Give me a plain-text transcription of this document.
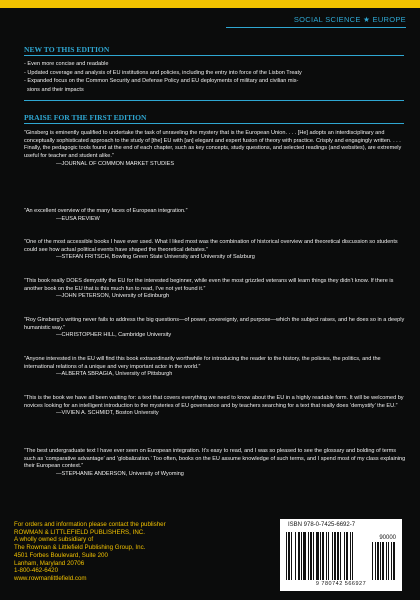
SOCIAL SCIENCE ★ EUROPE
NEW TO THIS EDITION
- Even more concise and readable
- Updated coverage and analysis of EU institutions and policies, including the entry into force of the Lisbon Treaty
- Expanded focus on the Common Security and Defense Policy and EU deployments of military and civilian mis-
sions and their impacts
PRAISE FOR THE FIRST EDITION
“Ginsberg is eminently qualified to undertake the task of unraveling the mystery that is the European Union. . . . [He] adopts an interdisciplinary and conceptually sophisticated approach to the study of [the] EU with [an] elegant and expert fusion of theory with practice. Crisply and engagingly written. . . . Finally, the pedagogic tools found at the end of each chapter, such as key concepts, study questions, and selected readings (and websites), are extremely useful for teacher and student alike.”
—JOURNAL OF COMMON MARKET STUDIES
“An excellent overview of the many faces of European integration.”
—EUSA REVIEW
“One of the most accessible books I have ever used. What I liked most was the combination of historical overview and theoretical discussion so students could see how actual political events have shaped the theoretical debates.”
—STEFAN FRITSCH, Bowling Green State University and University of Salzburg
“This book really DOES demystify the EU for the interested beginner, while even the most grizzled veterans will learn things they didn’t know. If there is another book on the EU that is this much fun to read, I’ve not yet found it.”
—JOHN PETERSON, University of Edinburgh
“Roy Ginsberg’s writing never fails to address the big questions—of power, sovereignty, and purpose—which the subject raises, and he does so in a deeply humanistic way.”
—CHRISTOPHER HILL, Cambridge University
“Anyone interested in the EU will find this book extraordinarily worthwhile for introducing the reader to the history, the policies, the politics, and the international relations of a unique and very important actor in the world.”
—ALBERTA SBRAGIA, University of Pittsburgh
“This is the book we have all been waiting for: a text that covers everything we need to know about the EU in a highly readable form. It will be welcomed by novices looking for an intelligent introduction to the mysteries of EU governance and by teachers searching for a text that really does ‘demystify’ the EU.”
—VIVIEN A. SCHMIDT, Boston University
“The best undergraduate text I have ever seen on European integration. It’s easy to read, and I was so pleased to see the glossary and bolding of terms such as ‘comparative advantage’ and ‘globalization.’ Too often, books on the EU assume knowledge of such terms, and I spend most of my class explaining their European context.”
—STEPHANIE ANDERSON, University of Wyoming
For orders and information please contact the publisher
ROWMAN & LITTLEFIELD PUBLISHERS, INC.
A wholly owned subsidiary of
The Rowman & Littlefield Publishing Group, Inc.
4501 Forbes Boulevard, Suite 200
Lanham, Maryland 20706
1-800-462-6420
www.rowmanlittlefield.com
ISBN 978-0-7425-6692-7
90000
9 780742 566927
